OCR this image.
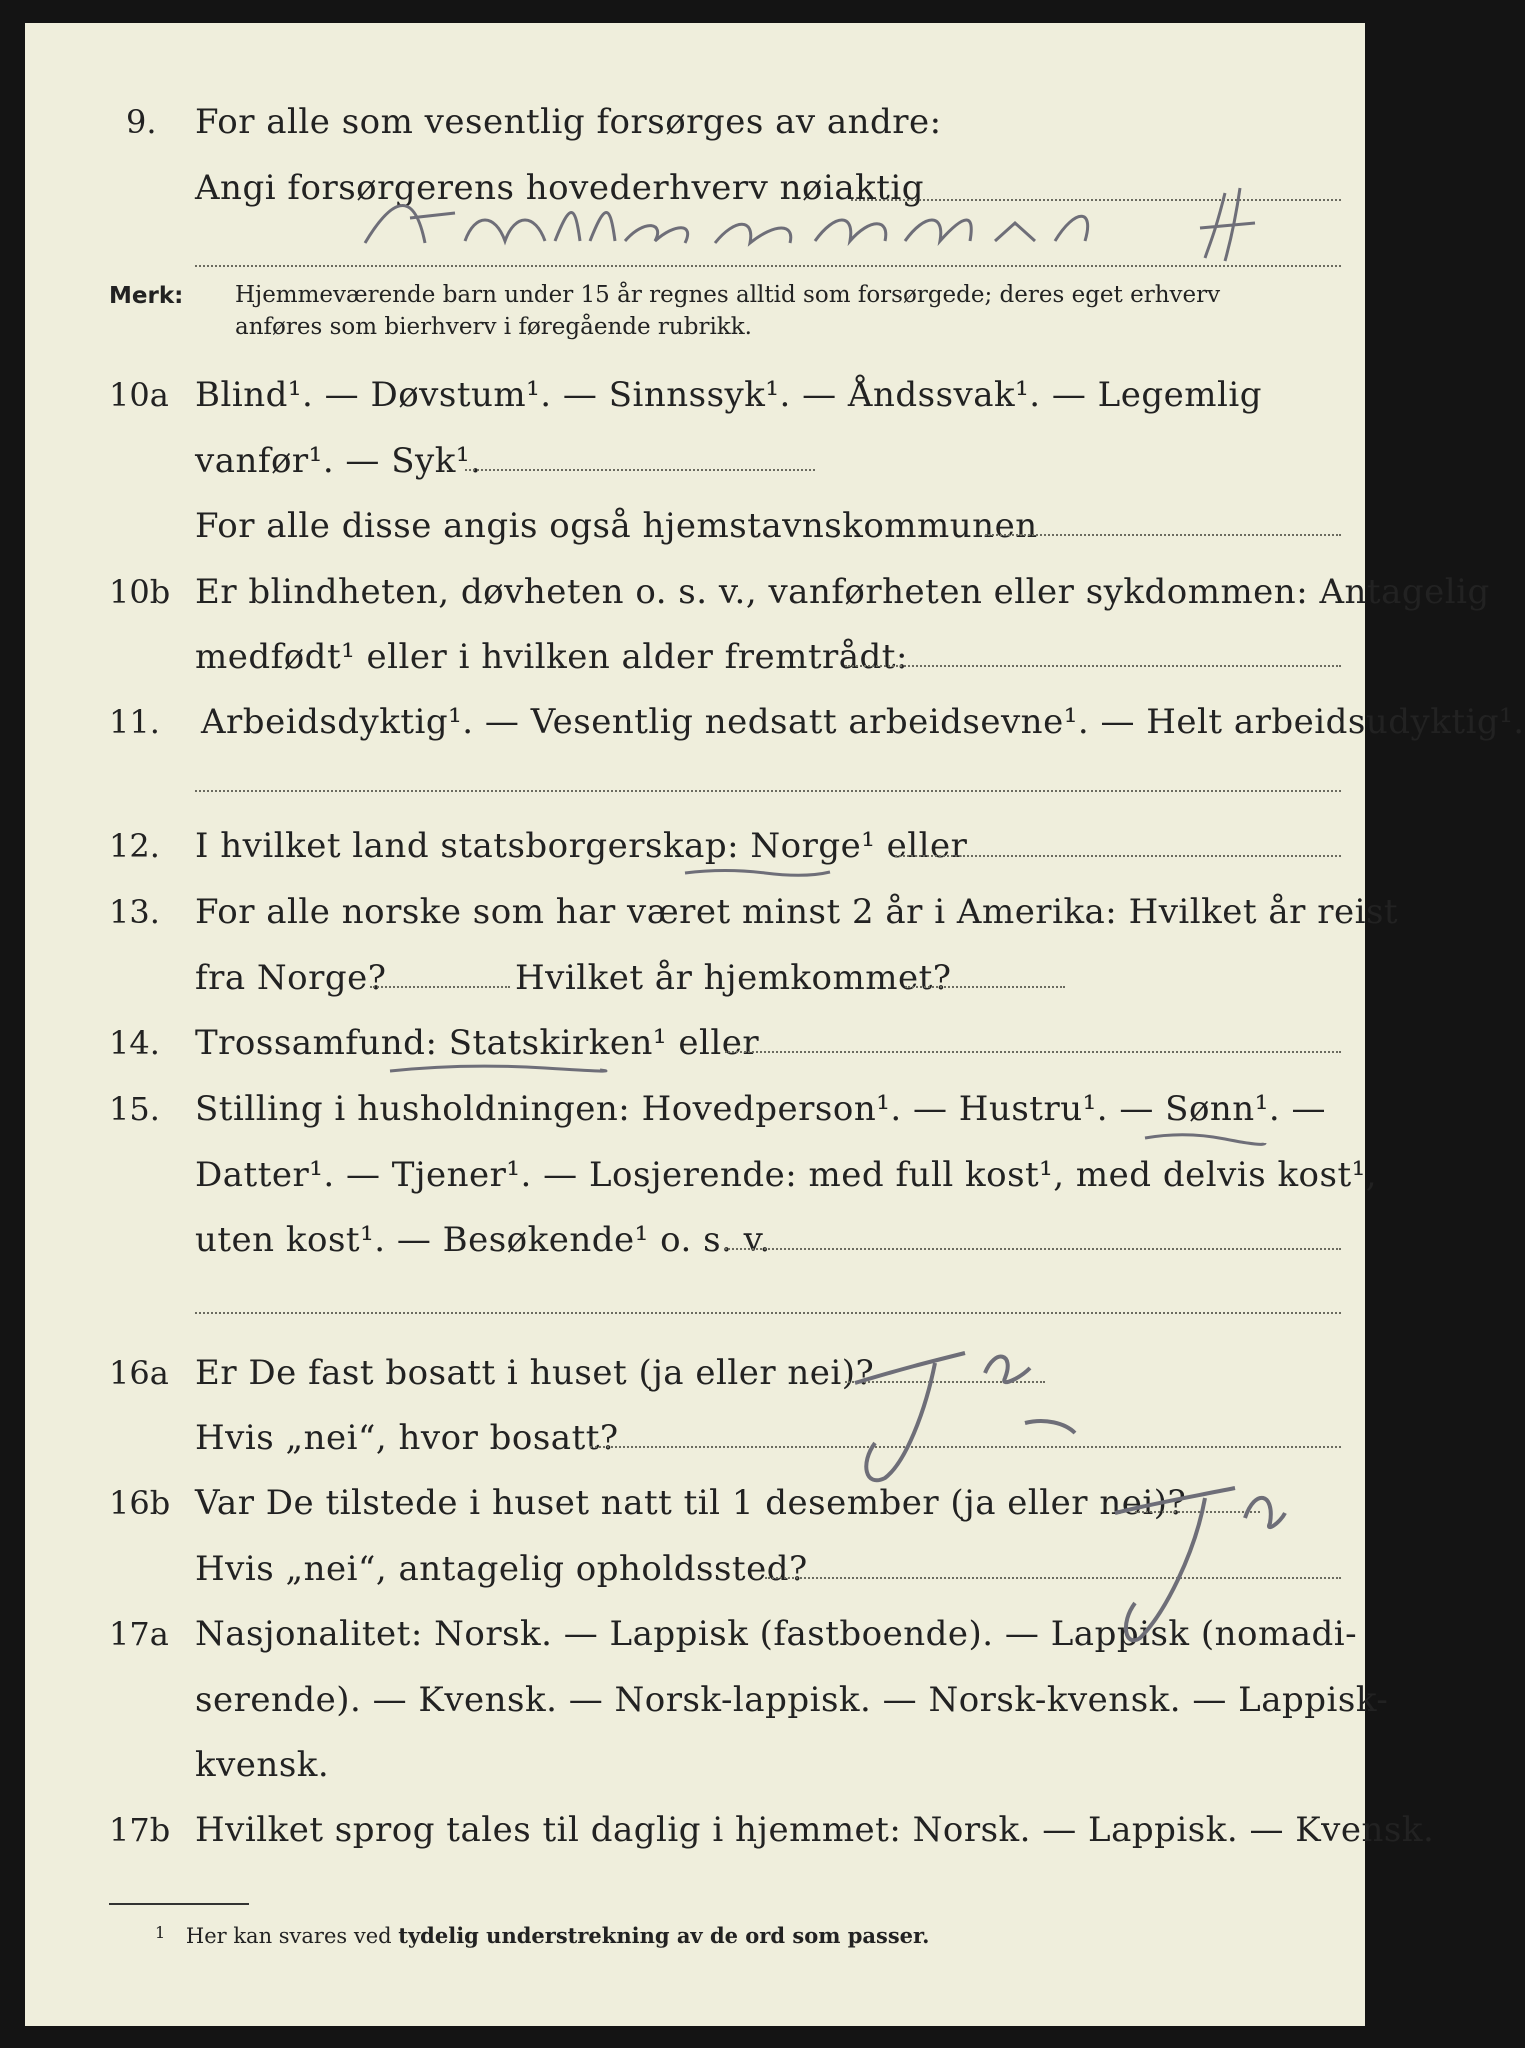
9. For alle som vesentlig forsørges av andre:
Angi forsørgerens hovederhverv nøiaktig
Merk: Hjemmeværende barn under 15 år regnes alltid som forsørgede; deres eget erhverv
anføres som bierhverv i føregående rubrikk.
10a Blind¹. — Døvstum¹. — Sinnssyk¹. — Åndssvak¹. — Legemlig
vanfør¹. — Syk¹.
For alle disse angis også hjemstavnskommunen
10b Er blindheten, døvheten o. s. v., vanførheten eller sykdommen: Antagelig
medfødt¹ eller i hvilken alder fremtrådt:
11. Arbeidsdyktig¹. — Vesentlig nedsatt arbeidsevne¹. — Helt arbeidsudyktig¹.
12. I hvilket land statsborgerskap: Norge¹ eller
13. For alle norske som har været minst 2 år i Amerika: Hvilket år reist
fra Norge?	Hvilket år hjemkommet?
14. Trossamfund: Statskirken¹ eller
15. Stilling i husholdningen: Hovedperson¹. — Hustru¹. — Sønn¹. —
Datter¹. — Tjener¹. — Losjerende: med full kost¹, med delvis kost¹,
uten kost¹. — Besøkende¹ o. s. v.
16a Er De fast bosatt i huset (ja eller nei)?
Hvis „nei“, hvor bosatt?
16b Var De tilstede i huset natt til 1 desember (ja eller nei)?
Hvis „nei“, antagelig opholdssted?
17a Nasjonalitet: Norsk. — Lappisk (fastboende). — Lappisk (nomadi-
serende). — Kvensk. — Norsk-lappisk. — Norsk-kvensk. — Lappisk-
kvensk.
17b Hvilket sprog tales til daglig i hjemmet: Norsk. — Lappisk. — Kvensk.
$^1$ Her kan svares ved tydelig understrekning av de ord som passer.
